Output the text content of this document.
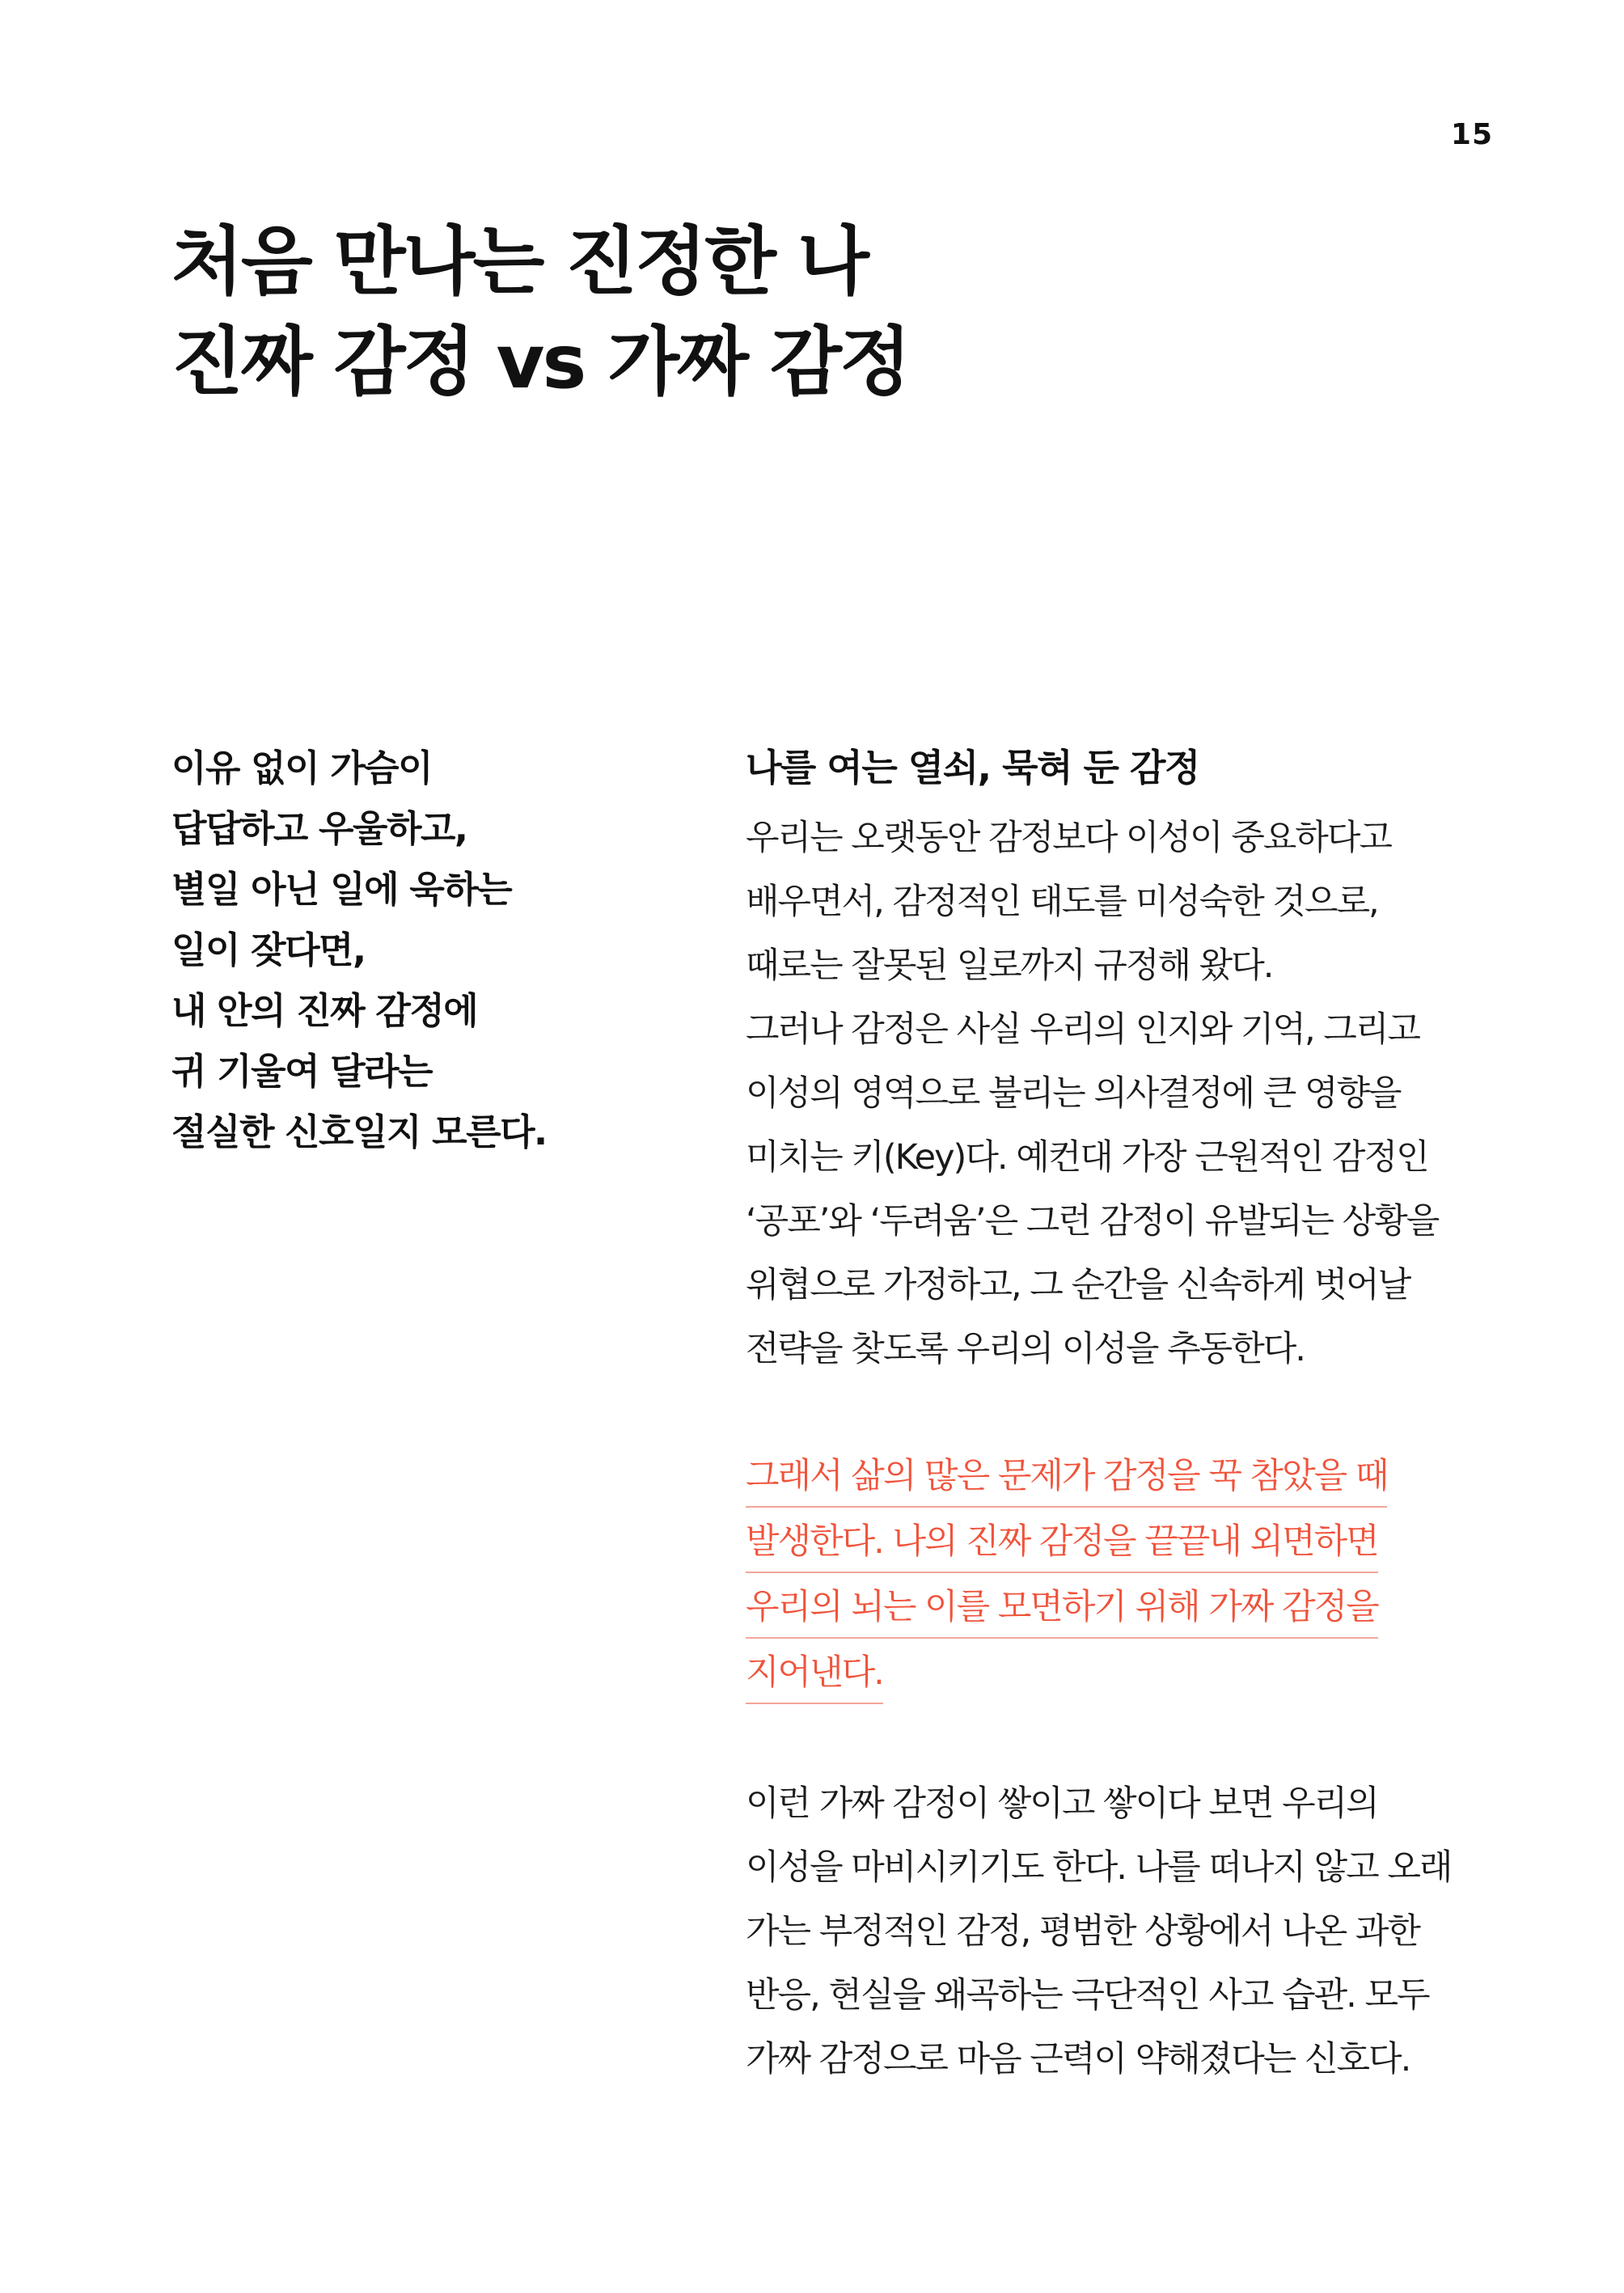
15
처음 만나는 진정한 나
진짜 감정 vs 가짜 감정
이유 없이 가슴이
답답하고 우울하고,
별일 아닌 일에 욱하는
일이 잦다면,
내 안의 진짜 감정에
귀 기울여 달라는
절실한 신호일지 모른다.
나를 여는 열쇠, 묵혀 둔 감정

우리는 오랫동안 감정보다 이성이 중요하다고
배우면서, 감정적인 태도를 미성숙한 것으로,
때로는 잘못된 일로까지 규정해 왔다.
그러나 감정은 사실 우리의 인지와 기억, 그리고
이성의 영역으로 불리는 의사결정에 큰 영향을
미치는 키(Key)다. 예컨대 가장 근원적인 감정인
‘공포’와 ‘두려움’은 그런 감정이 유발되는 상황을
위협으로 가정하고, 그 순간을 신속하게 벗어날
전략을 찾도록 우리의 이성을 추동한다.

그래서 삶의 많은 문제가 감정을 꾹 참았을 때
발생한다. 나의 진짜 감정을 끝끝내 외면하면
우리의 뇌는 이를 모면하기 위해 가짜 감정을
지어낸다.

이런 가짜 감정이 쌓이고 쌓이다 보면 우리의
이성을 마비시키기도 한다. 나를 떠나지 않고 오래
가는 부정적인 감정, 평범한 상황에서 나온 과한
반응, 현실을 왜곡하는 극단적인 사고 습관. 모두
가짜 감정으로 마음 근력이 약해졌다는 신호다.
